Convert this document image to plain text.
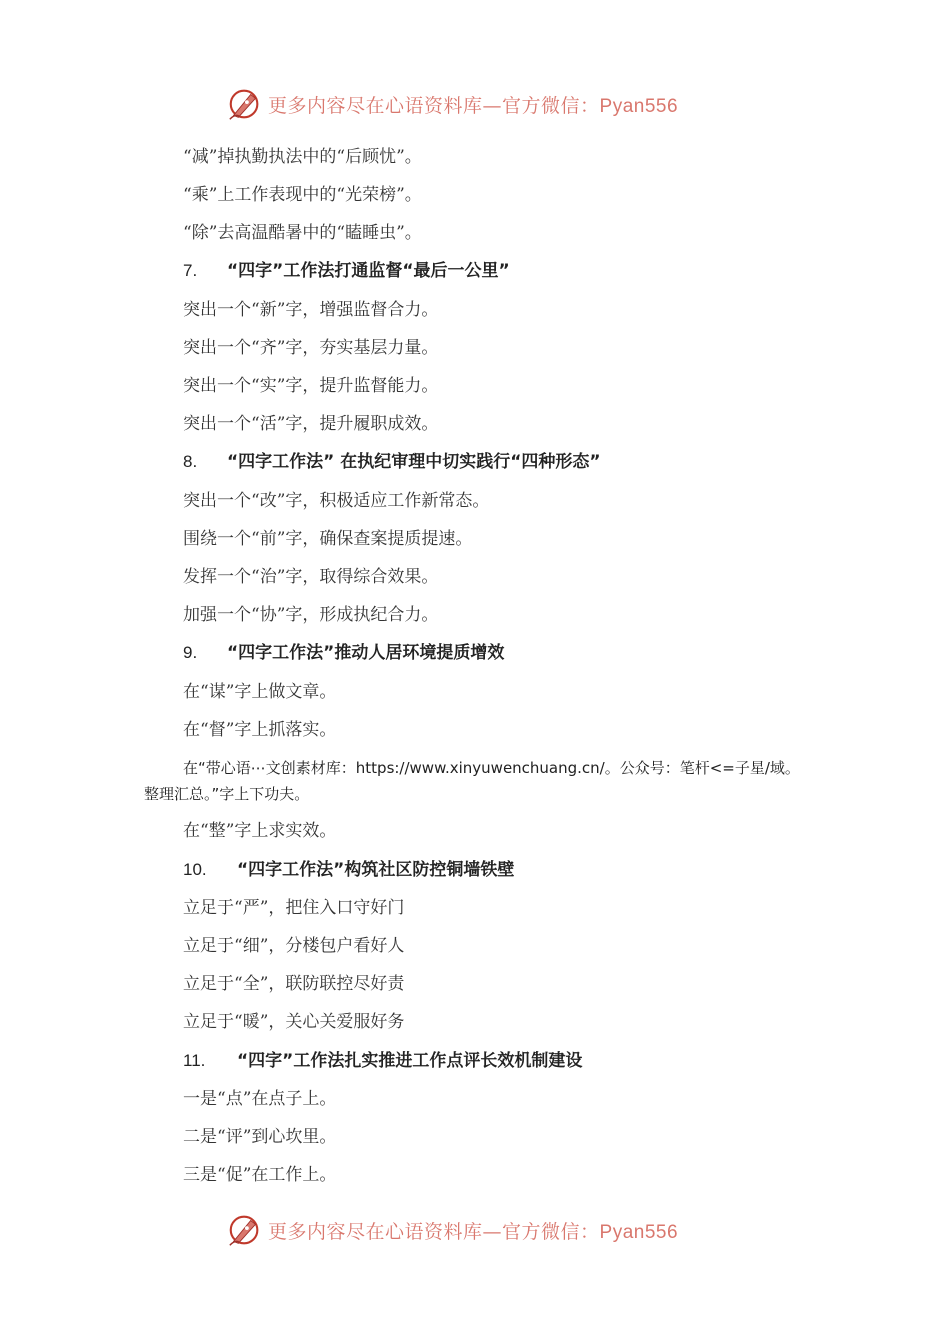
更多内容尽在心语资料库—官方微信：Pyan556
“减”掉执勤执法中的“后顾忧”。
“乘”上工作表现中的“光荣榜”。
“除”去高温酷暑中的“瞌睡虫”。
7. “四字”工作法打通监督“最后一公里”
突出一个“新”字，增强监督合力。
突出一个“齐”字，夯实基层力量。
突出一个“实”字，提升监督能力。
突出一个“活”字，提升履职成效。
8. “四字工作法” 在执纪审理中切实践行“四种形态”
突出一个“改”字，积极适应工作新常态。
围绕一个“前”字，确保查案提质提速。
发挥一个“治”字，取得综合效果。
加强一个“协”字，形成执纪合力。
9. “四字工作法”推动人居环境提质增效
在“谋”字上做文章。
在“督”字上抓落实。
在“带心语⋯文创素材库：https://www.xinyuwenchuang.cn/。公众号：笔杆<=子星/域。
整理汇总。”字上下功夫。
在“整”字上求实效。
10. “四字工作法”构筑社区防控铜墙铁壁
立足于“严”，把住入口守好门
立足于“细”，分楼包户看好人
立足于“全”，联防联控尽好责
立足于“暖”，关心关爱服好务
11. “四字”工作法扎实推进工作点评长效机制建设
一是“点”在点子上。
二是“评”到心坎里。
三是“促”在工作上。
更多内容尽在心语资料库—官方微信：Pyan556
